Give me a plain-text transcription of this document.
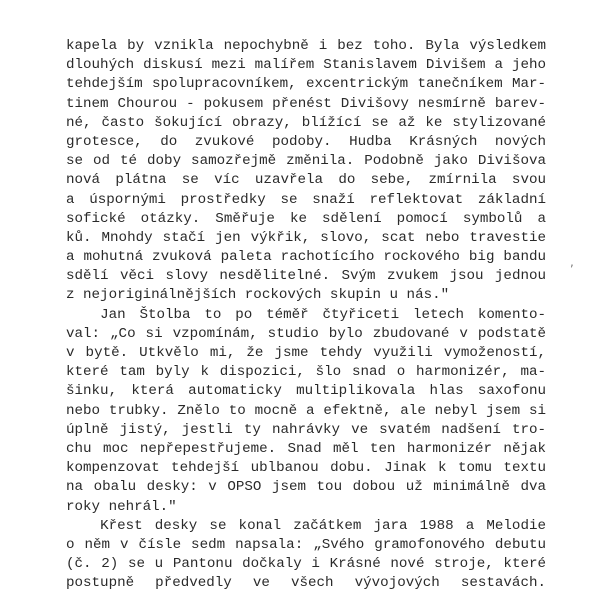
kapela by vznikla nepochybně i bez toho. Byla výsledkem
dlouhých diskusí mezi malířem Stanislavem Divišem a jeho
tehdejším spolupracovníkem, excentrickým tanečníkem Mar-
tinem Chourou - pokusem přenést Divišovy nesmírně barev-
né, často šokující obrazy, blížící se až ke stylizované
grotesce, do zvukové podoby. Hudba Krásných nových
se od té doby samozřejmě změnila. Podobně jako Divišova
nová plátna se víc uzavřela do sebe, zmírnila svou
a úspornými prostředky se snaží reflektovat základní
sofické otázky. Směřuje ke sdělení pomocí symbolů a
ků. Mnohdy stačí jen výkřik, slovo, scat nebo travestie
a mohutná zvuková paleta rachotícího rockového big bandu
sdělí věci slovy nesdělitelné. Svým zvukem jsou jednou
z nejoriginálnějších rockových skupin u nás."
Jan Štolba to po téměř čtyřiceti letech komento-
val: „Co si vzpomínám, studio bylo zbudované v podstatě
v bytě. Utkvělo mi, že jsme tehdy využili vymožeností,
které tam byly k dispozici, šlo snad o harmonizér, ma-
šinku, která automaticky multiplikovala hlas saxofonu
nebo trubky. Znělo to mocně a efektně, ale nebyl jsem si
úplně jistý, jestli ty nahrávky ve svatém nadšení tro-
chu moc nepřepestřujeme. Snad měl ten harmonizér nějak
kompenzovat tehdejší ublbanou dobu. Jinak k tomu textu
na obalu desky: v OPSO jsem tou dobou už minimálně dva
roky nehrál."
Křest desky se konal začátkem jara 1988 a Melodie
o něm v čísle sedm napsala: „Svého gramofonového debutu
(č. 2) se u Pantonu dočkaly i Krásné nové stroje, které
postupně předvedly ve všech vývojových sestavách.
,
